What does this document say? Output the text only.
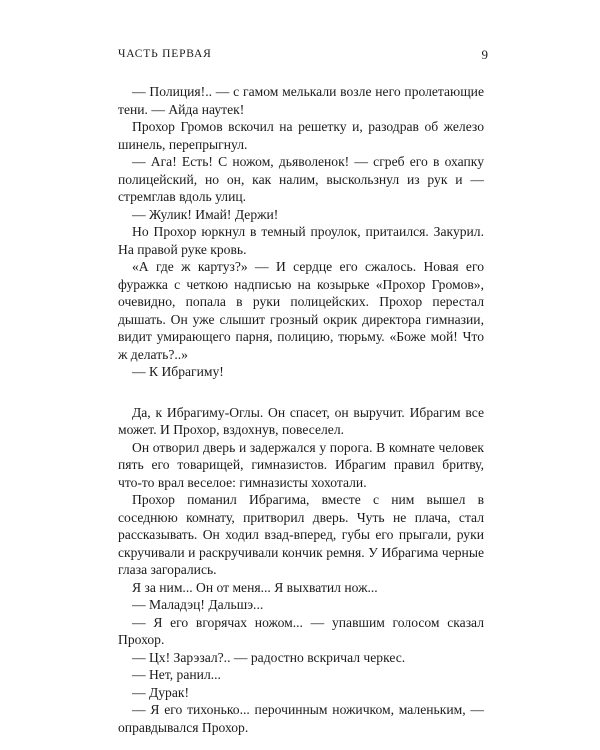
ЧАСТЬ ПЕРВАЯ	9

— Полиция!.. — с гамом мелькали возле него пролетающие тени. — Айда наутек!

Прохор Громов вскочил на решетку и, разодрав об железо шинель, перепрыгнул.

— Ага! Есть! С ножом, дьяволенок! — сгреб его в охапку полицейский, но он, как налим, выскользнул из рук и — стремглав вдоль улиц.

— Жулик! Имай! Держи!

Но Прохор юркнул в темный проулок, притаился. Закурил. На правой руке кровь.

«А где ж картуз?» — И сердце его сжалось. Новая его фуражка с четкою надписью на козырьке «Прохор Громов», очевидно, попала в руки полицейских. Прохор перестал дышать. Он уже слышит грозный окрик директора гимназии, видит умирающего парня, полицию, тюрьму. «Боже мой! Что ж делать?..»

— К Ибрагиму!

Да, к Ибрагиму-Оглы. Он спасет, он выручит. Ибрагим все может. И Прохор, вздохнув, повеселел.

Он отворил дверь и задержался у порога. В комнате человек пять его товарищей, гимназистов. Ибрагим правил бритву, что-то врал веселое: гимназисты хохотали.

Прохор поманил Ибрагима, вместе с ним вышел в соседнюю комнату, притворил дверь. Чуть не плача, стал рассказывать. Он ходил взад-вперед, губы его прыгали, руки скручивали и раскручивали кончик ремня. У Ибрагима черные глаза загорались.

Я за ним... Он от меня... Я выхватил нож...

— Маладэц! Дальшэ...

— Я его вгорячах ножом... — упавшим голосом сказал Прохор.

— Цх! Зарэзал?.. — радостно вскричал черкес.

— Нет, ранил...

— Дурак!

— Я его тихонько... перочинным ножичком, маленьким, — оправдывался Прохор.
